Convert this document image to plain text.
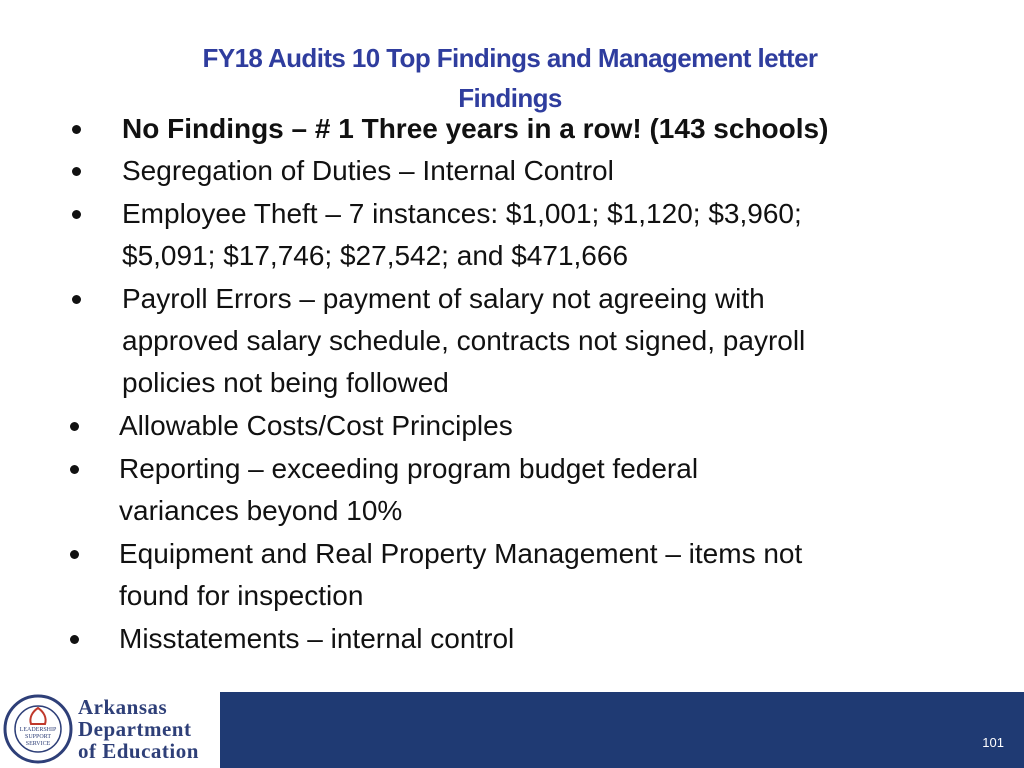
FY18 Audits 10 Top Findings and Management letter
Findings
No Findings – # 1 Three years in a row! (143 schools)
Segregation of Duties – Internal Control
Employee Theft – 7 instances: $1,001; $1,120; $3,960;
$5,091; $17,746; $27,542; and $471,666
Payroll Errors – payment of salary not agreeing with
approved salary schedule, contracts not signed, payroll
policies not being followed
Allowable Costs/Cost Principles
Reporting – exceeding program budget federal
variances beyond 10%
Equipment and Real Property Management – items not
found for inspection
Misstatements – internal control
LEADERSHIP
SUPPORT
SERVICE
Arkansas
Department
of Education	101
